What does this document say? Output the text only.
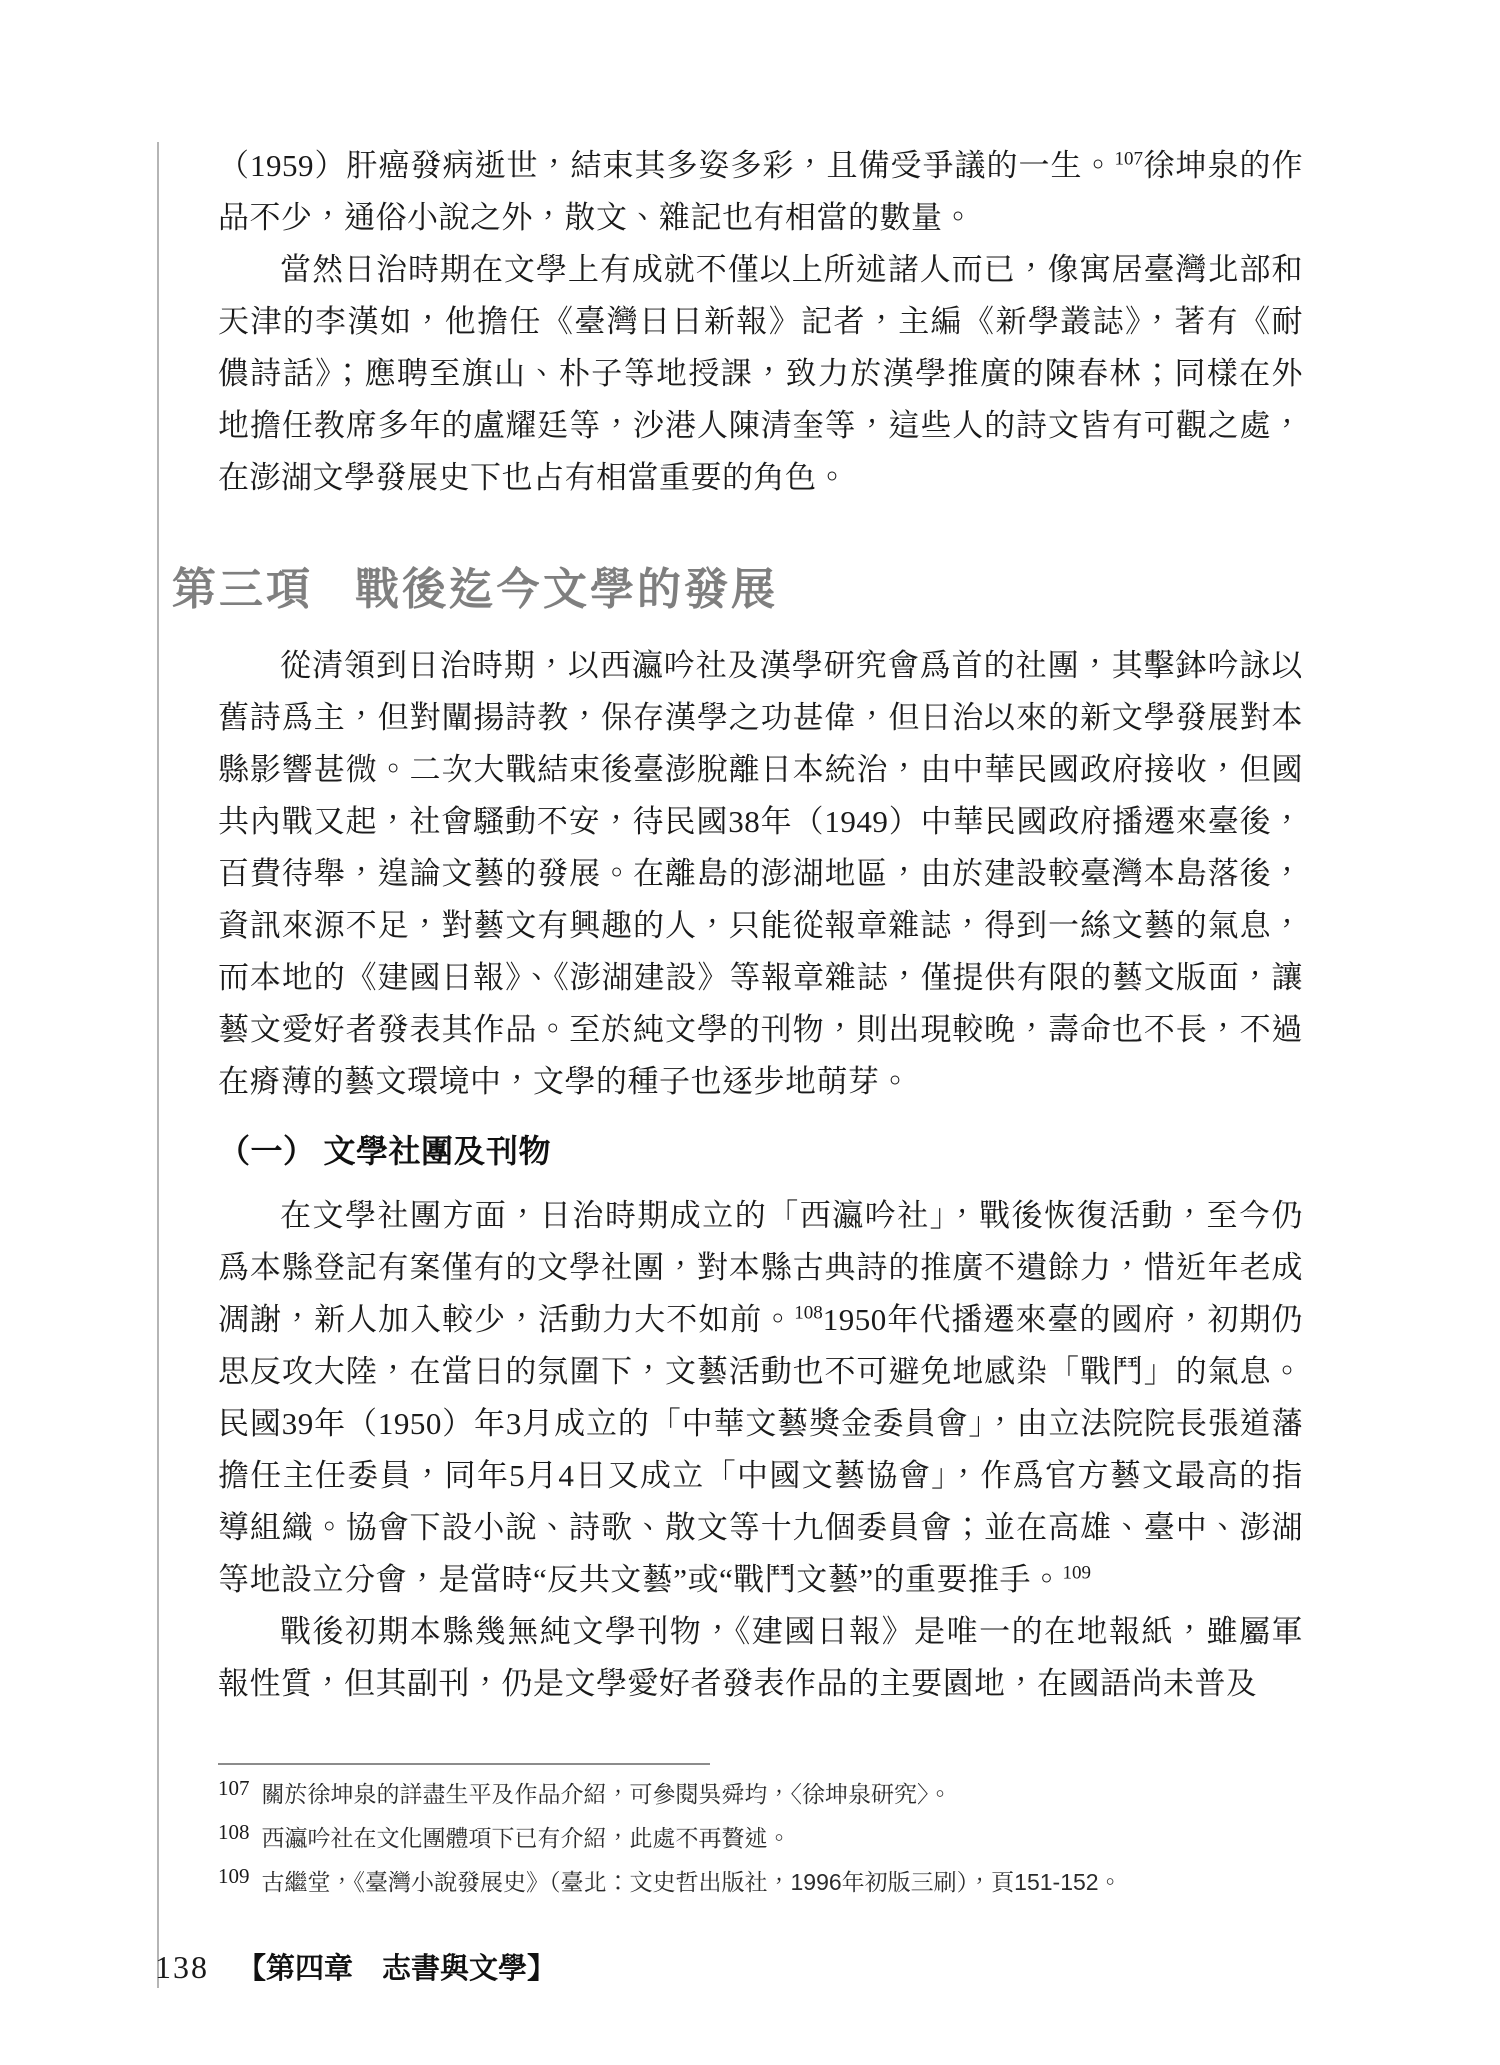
（1959）肝癌發病逝世，結束其多姿多彩，且備受爭議的一生。$^{107}$徐坤泉的作品不少，通俗小說之外，散文、雜記也有相當的數量。

當然日治時期在文學上有成就不僅以上所述諸人而已，像寓居臺灣北部和天津的李漢如，他擔任《臺灣日日新報》記者，主編《新學叢誌》，著有《耐儂詩話》；應聘至旗山、朴子等地授課，致力於漢學推廣的陳春林；同樣在外地擔任教席多年的盧耀廷等，沙港人陳清奎等，這些人的詩文皆有可觀之處，在澎湖文學發展史下也占有相當重要的角色。

第三項 戰後迄今文學的發展

從清領到日治時期，以西瀛吟社及漢學研究會爲首的社團，其擊鉢吟詠以舊詩爲主，但對闡揚詩教，保存漢學之功甚偉，但日治以來的新文學發展對本縣影響甚微。二次大戰結束後臺澎脫離日本統治，由中華民國政府接收，但國共內戰又起，社會騷動不安，待民國38年（1949）中華民國政府播遷來臺後，百費待舉，遑論文藝的發展。在離島的澎湖地區，由於建設較臺灣本島落後，資訊來源不足，對藝文有興趣的人，只能從報章雜誌，得到一絲文藝的氣息，而本地的《建國日報》、《澎湖建設》等報章雜誌，僅提供有限的藝文版面，讓藝文愛好者發表其作品。至於純文學的刊物，則出現較晚，壽命也不長，不過在瘠薄的藝文環境中，文學的種子也逐步地萌芽。

（一） 文學社團及刊物

在文學社團方面，日治時期成立的「西瀛吟社」，戰後恢復活動，至今仍爲本縣登記有案僅有的文學社團，對本縣古典詩的推廣不遺餘力，惜近年老成凋謝，新人加入較少，活動力大不如前。$^{108}$1950年代播遷來臺的國府，初期仍思反攻大陸，在當日的氛圍下，文藝活動也不可避免地感染「戰鬥」的氣息。民國39年（1950）年3月成立的「中華文藝獎金委員會」，由立法院院長張道藩擔任主任委員，同年5月4日又成立「中國文藝協會」，作爲官方藝文最高的指導組織。協會下設小說、詩歌、散文等十九個委員會；並在高雄、臺中、澎湖等地設立分會，是當時“反共文藝”或“戰鬥文藝”的重要推手。$^{109}$

戰後初期本縣幾無純文學刊物，《建國日報》是唯一的在地報紙，雖屬軍報性質，但其副刊，仍是文學愛好者發表作品的主要園地，在國語尚未普及

107 關於徐坤泉的詳盡生平及作品介紹，可參閱吳舜均，〈徐坤泉研究〉。
108 西瀛吟社在文化團體項下已有介紹，此處不再贅述。
109 古繼堂，《臺灣小說發展史》（臺北：文史哲出版社，1996年初版三刷），頁151-152。
138 【第四章　志書與文學】
